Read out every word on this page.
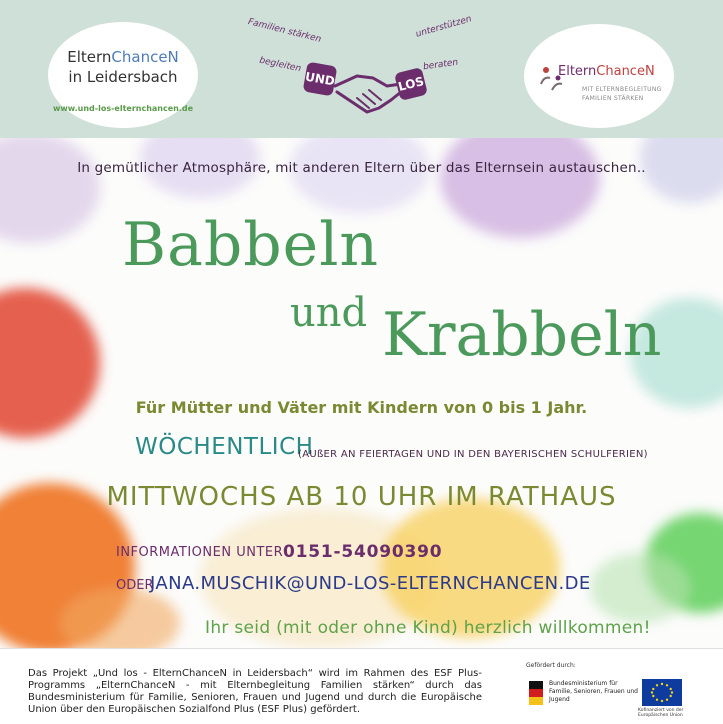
ElternChanceN
in Leidersbach
www.und-los-elternchancen.de
Familien stärken
begleiten
unterstützen
beraten
UND	LOS
ElternChanceN
MIT ELTERNBEGLEITUNG
FAMILIEN STÄRKEN
In gemütlicher Atmosphäre, mit anderen Eltern über das Elternsein austauschen..
Babbeln
und Krabbeln
Für Mütter und Väter mit Kindern von 0 bis 1 Jahr.
WÖCHENTLICH
(AUßER AN FEIERTAGEN UND IN DEN BAYERISCHEN SCHULFERIEN)
MITTWOCHS AB 10 UHR IM RATHAUS
INFORMATIONEN UNTER 0151-54090390
ODER
JANA.MUSCHIK@UND-LOS-ELTERNCHANCEN.DE
Ihr seid (mit oder ohne Kind) herzlich willkommen!
Das Projekt „Und los - ElternChanceN in Leidersbach“ wird im Rahmen des ESF Plus-Programms „ElternChanceN - mit Elternbegleitung Familien stärken“ durch das Bundesministerium für Familie, Senioren, Frauen und Jugend und durch die Europäische Union über den Europäischen Sozialfond Plus (ESF Plus) gefördert.
Gefördert durch:
Bundesministerium für Familie, Senioren, Frauen und Jugend
Kofinanziert von der Europäischen Union
